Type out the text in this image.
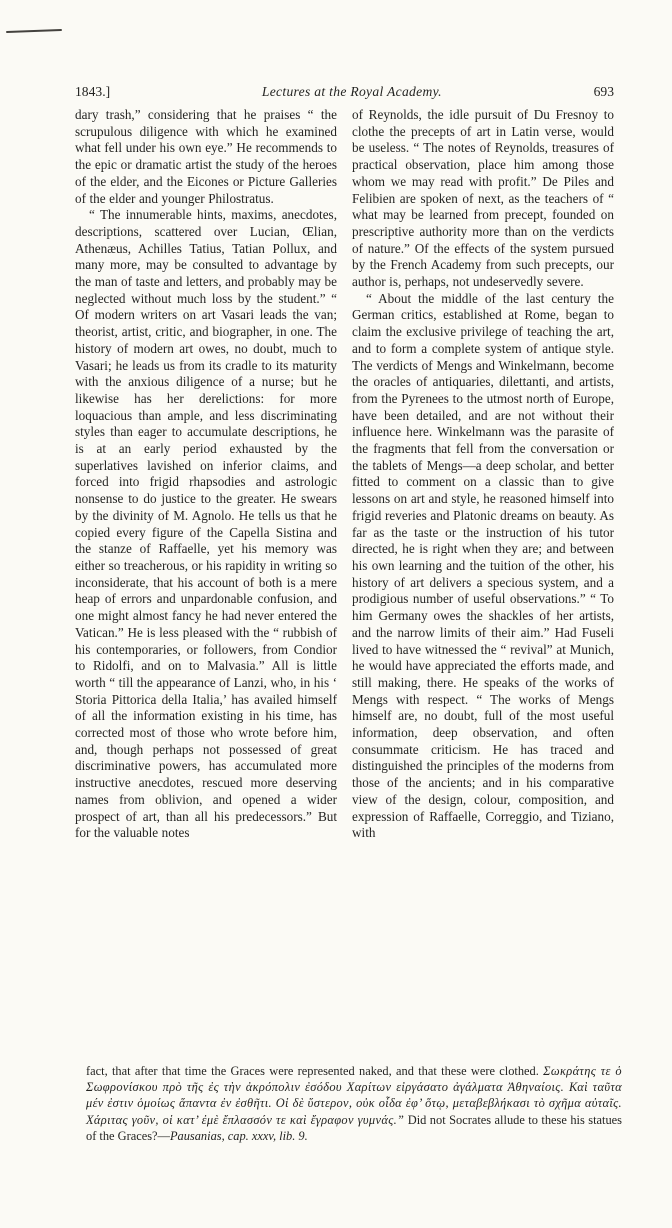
1843.]	Lectures at the Royal Academy.	693

dary trash,” considering that he praises “ the scrupulous diligence with which he examined what fell under his own eye.” He recommends to the epic or dramatic artist the study of the heroes of the elder, and the Eicones or Picture Galleries of the elder and younger Philostratus.

“ The innumerable hints, maxims, anecdotes, descriptions, scattered over Lucian, Œlian, Athenæus, Achilles Tatius, Tatian Pollux, and many more, may be consulted to advantage by the man of taste and letters, and probably may be neglected without much loss by the student.” “ Of modern writers on art Vasari leads the van; theorist, artist, critic, and biographer, in one. The history of modern art owes, no doubt, much to Vasari; he leads us from its cradle to its maturity with the anxious diligence of a nurse; but he likewise has her derelictions: for more loquacious than ample, and less discriminating styles than eager to accumulate descriptions, he is at an early period exhausted by the superlatives lavished on inferior claims, and forced into frigid rhapsodies and astrologic nonsense to do justice to the greater. He swears by the divinity of M. Agnolo. He tells us that he copied every figure of the Capella Sistina and the stanze of Raffaelle, yet his memory was either so treacherous, or his rapidity in writing so inconsiderate, that his account of both is a mere heap of errors and unpardonable confusion, and one might almost fancy he had never entered the Vatican.” He is less pleased with the “ rubbish of his contemporaries, or followers, from Condior to Ridolfi, and on to Malvasia.” All is little worth “ till the appearance of Lanzi, who, in his ‘ Storia Pittorica della Italia,’ has availed himself of all the information existing in his time, has corrected most of those who wrote before him, and, though perhaps not possessed of great discriminative powers, has accumulated more instructive anecdotes, rescued more deserving names from oblivion, and opened a wider prospect of art, than all his predecessors.” But for the valuable notes

of Reynolds, the idle pursuit of Du Fresnoy to clothe the precepts of art in Latin verse, would be useless. “ The notes of Reynolds, treasures of practical observation, place him among those whom we may read with profit.” De Piles and Felibien are spoken of next, as the teachers of “ what may be learned from precept, founded on prescriptive authority more than on the verdicts of nature.” Of the effects of the system pursued by the French Academy from such precepts, our author is, perhaps, not undeservedly severe.

“ About the middle of the last century the German critics, established at Rome, began to claim the exclusive privilege of teaching the art, and to form a complete system of antique style. The verdicts of Mengs and Winkelmann, become the oracles of antiquaries, dilettanti, and artists, from the Pyrenees to the utmost north of Europe, have been detailed, and are not without their influence here. Winkelmann was the parasite of the fragments that fell from the conversation or the tablets of Mengs—a deep scholar, and better fitted to comment on a classic than to give lessons on art and style, he reasoned himself into frigid reveries and Platonic dreams on beauty. As far as the taste or the instruction of his tutor directed, he is right when they are; and between his own learning and the tuition of the other, his history of art delivers a specious system, and a prodigious number of useful observations.” “ To him Germany owes the shackles of her artists, and the narrow limits of their aim.” Had Fuseli lived to have witnessed the “ revival” at Munich, he would have appreciated the efforts made, and still making, there. He speaks of the works of Mengs with respect. “ The works of Mengs himself are, no doubt, full of the most useful information, deep observation, and often consummate criticism. He has traced and distinguished the principles of the moderns from those of the ancients; and in his comparative view of the design, colour, composition, and expression of Raffaelle, Correggio, and Tiziano, with

fact, that after that time the Graces were represented naked, and that these were clothed. Σωκράτης τε ὁ Σωφρονίσκου πρὸ τῆς ἐς τὴν ἀκρόπολιν ἐσόδου Χαρίτων εἰργάσατο ἀγάλματα Ἀθηναίοις. Καὶ ταῦτα μέν ἐστιν ὁμοίως ἅπαντα ἐν ἐσθῆτι. Οἱ δὲ ὕστερον, οὐκ οἶδα ἐφ’ ὅτῳ, μεταβεβλήκασι τὸ σχῆμα αὐταῖς. Χάριτας γοῦν, οἱ κατ’ ἐμὲ ἔπλασσόν τε καὶ ἔγραφον γυμνάς.” Did not Socrates allude to these his statues of the Graces?—Pausanias, cap. xxxv, lib. 9.
